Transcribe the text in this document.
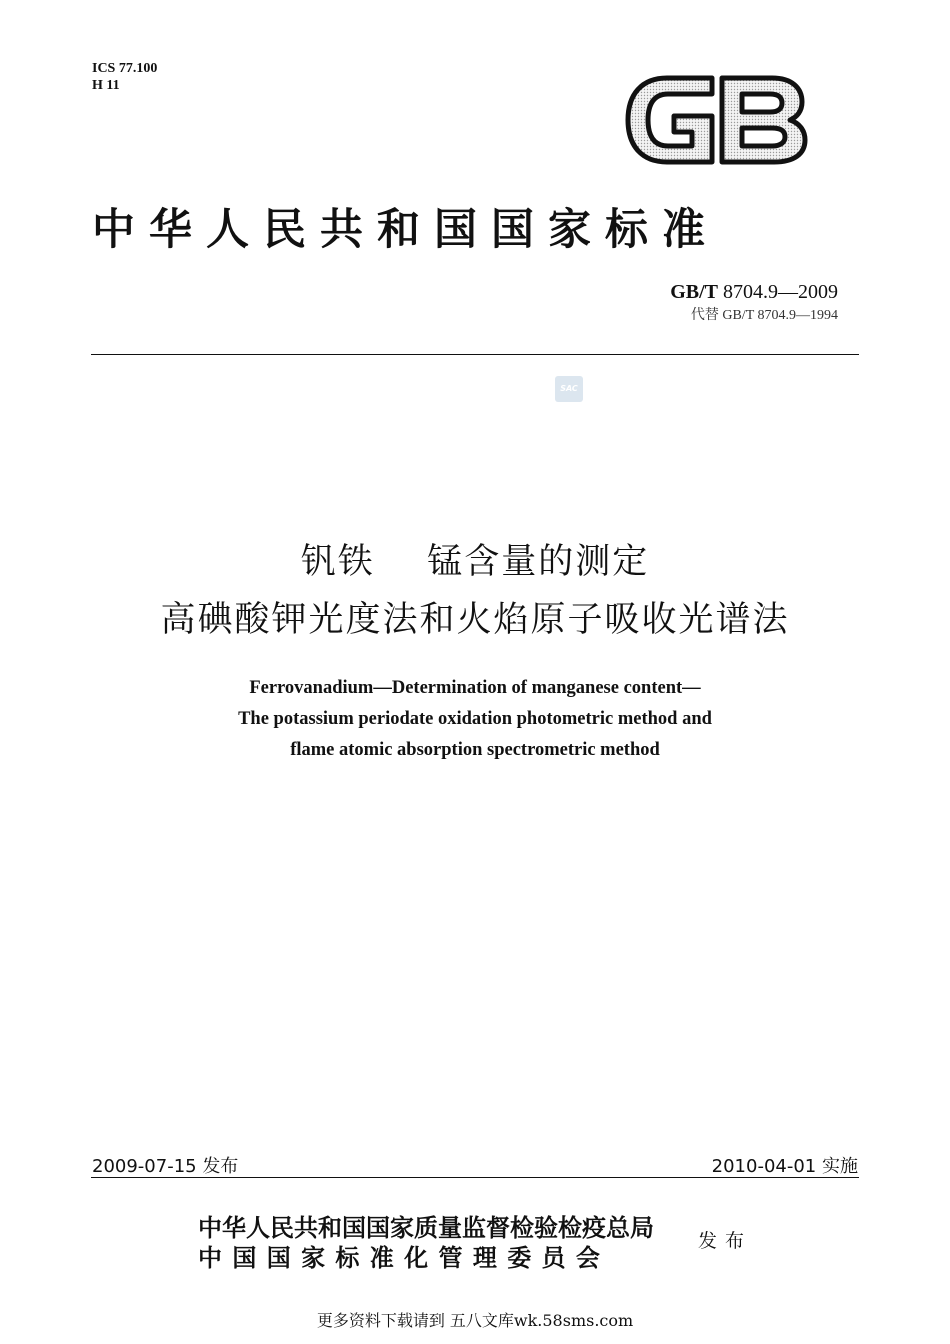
ICS 77.100
H 11
中华人民共和国国家标准
GB/T 8704.9—2009
代替 GB/T 8704.9—1994
SAC
钒铁    锰含量的测定
高碘酸钾光度法和火焰原子吸收光谱法
Ferrovanadium—Determination of manganese content—
The potassium periodate oxidation photometric method and
flame atomic absorption spectrometric method
2009-07-15 发布	2010-04-01 实施
中华人民共和国国家质量监督检验检疫总局
中 国 国 家 标 准 化 管 理 委 员 会
发布
更多资料下载请到 五八文库wk.58sms.com
